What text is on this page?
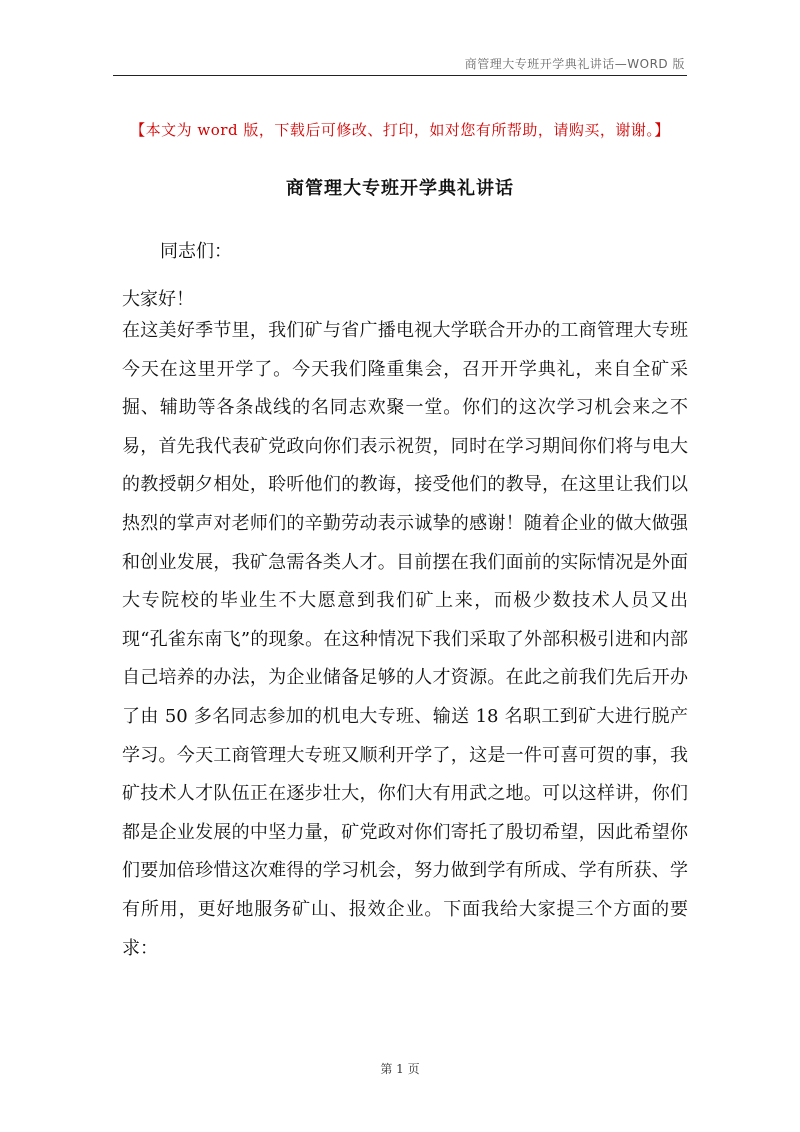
商管理大专班开学典礼讲话—WORD 版
【本文为 word 版，下载后可修改、打印，如对您有所帮助，请购买，谢谢。】
商管理大专班开学典礼讲话
同志们：
大家好！
在这美好季节里，我们矿与省广播电视大学联合开办的工商管理大专班今天在这里开学了。今天我们隆重集会，召开开学典礼，来自全矿采掘、辅助等各条战线的名同志欢聚一堂。你们的这次学习机会来之不易，首先我代表矿党政向你们表示祝贺，同时在学习期间你们将与电大的教授朝夕相处，聆听他们的教诲，接受他们的教导，在这里让我们以热烈的掌声对老师们的辛勤劳动表示诚挚的感谢！随着企业的做大做强和创业发展，我矿急需各类人才。目前摆在我们面前的实际情况是外面大专院校的毕业生不大愿意到我们矿上来，而极少数技术人员又出现“孔雀东南飞”的现象。在这种情况下我们采取了外部积极引进和内部自己培养的办法，为企业储备足够的人才资源。在此之前我们先后开办了由 50 多名同志参加的机电大专班、输送 18 名职工到矿大进行脱产学习。今天工商管理大专班又顺利开学了，这是一件可喜可贺的事，我矿技术人才队伍正在逐步壮大，你们大有用武之地。可以这样讲，你们都是企业发展的中坚力量，矿党政对你们寄托了殷切希望，因此希望你们要加倍珍惜这次难得的学习机会，努力做到学有所成、学有所获、学有所用，更好地服务矿山、报效企业。下面我给大家提三个方面的要求：
第 1 页
